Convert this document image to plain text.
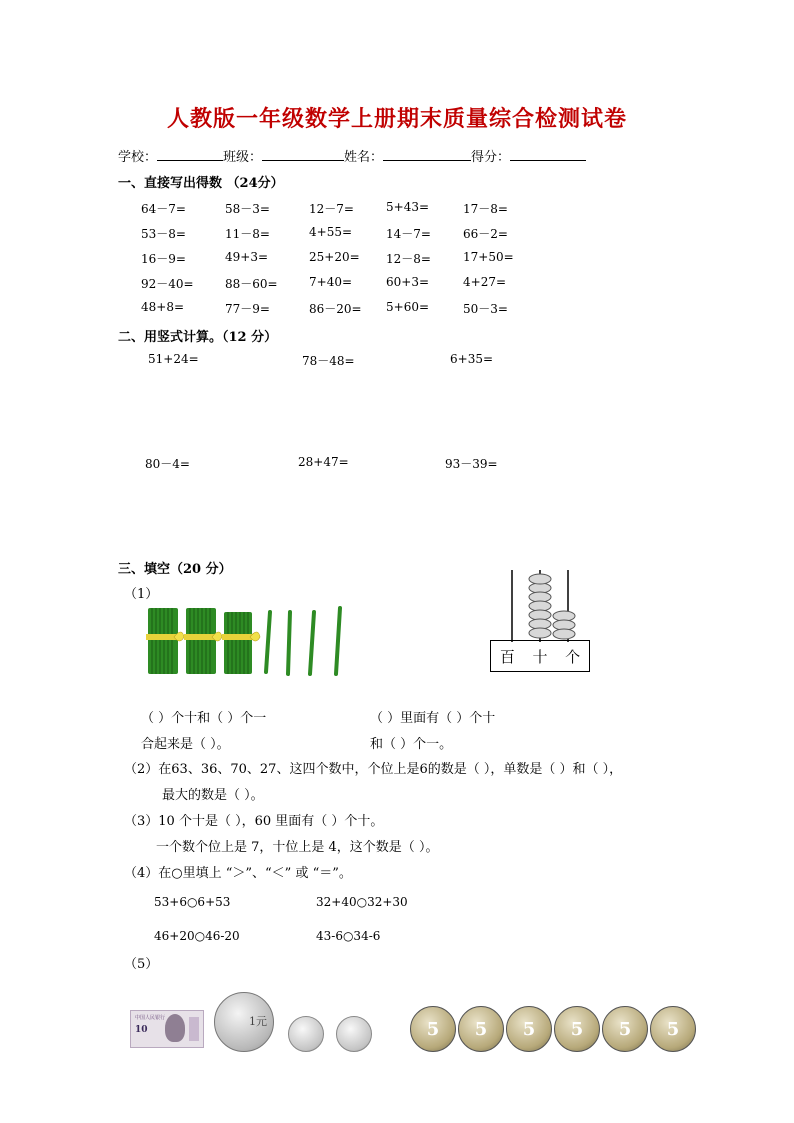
人教版一年级数学上册期末质量综合检测试卷
学校：	班级：	姓名：	得分：
一、直接写出得数 （24分）
64－7=	58－3=	12－7=	5+43=	17－8=
53－8=	11－8=	4+55=	14－7=	66－2=
16－9=	49+3=	25+20= 12－8=	17+50=
92－40=	88－60=	7+40=	60+3=	4+27=
48+8=	77－9=	86－20= 5+60=	50－3=
二、用竖式计算。（12 分）
51+24=	78－48=	6+35=
80－4=	28+47=	93－39=
三、填空（20 分）
（1）
百 十 个
（ ）个十和（ ）个一
合起来是（ ）。
（ ）里面有（ ）个十
和（ ）个一。
（2）在63、36、70、27、这四个数中，个位上是6的数是（ ），单数是（ ）和（ ），
最大的数是（ ）。
（3）10 个十是（ ），60 里面有（ ）个十。
一个数个位上是 7，十位上是 4，这个数是（ ）。
（4）在○里填上 “＞”、“＜” 或 “＝”。
53+6○6+53	32+40○32+30
46+20○46-20	43-6○34-6
（5）
中国人民银行
10
1元	5	5	5	5	5	5
